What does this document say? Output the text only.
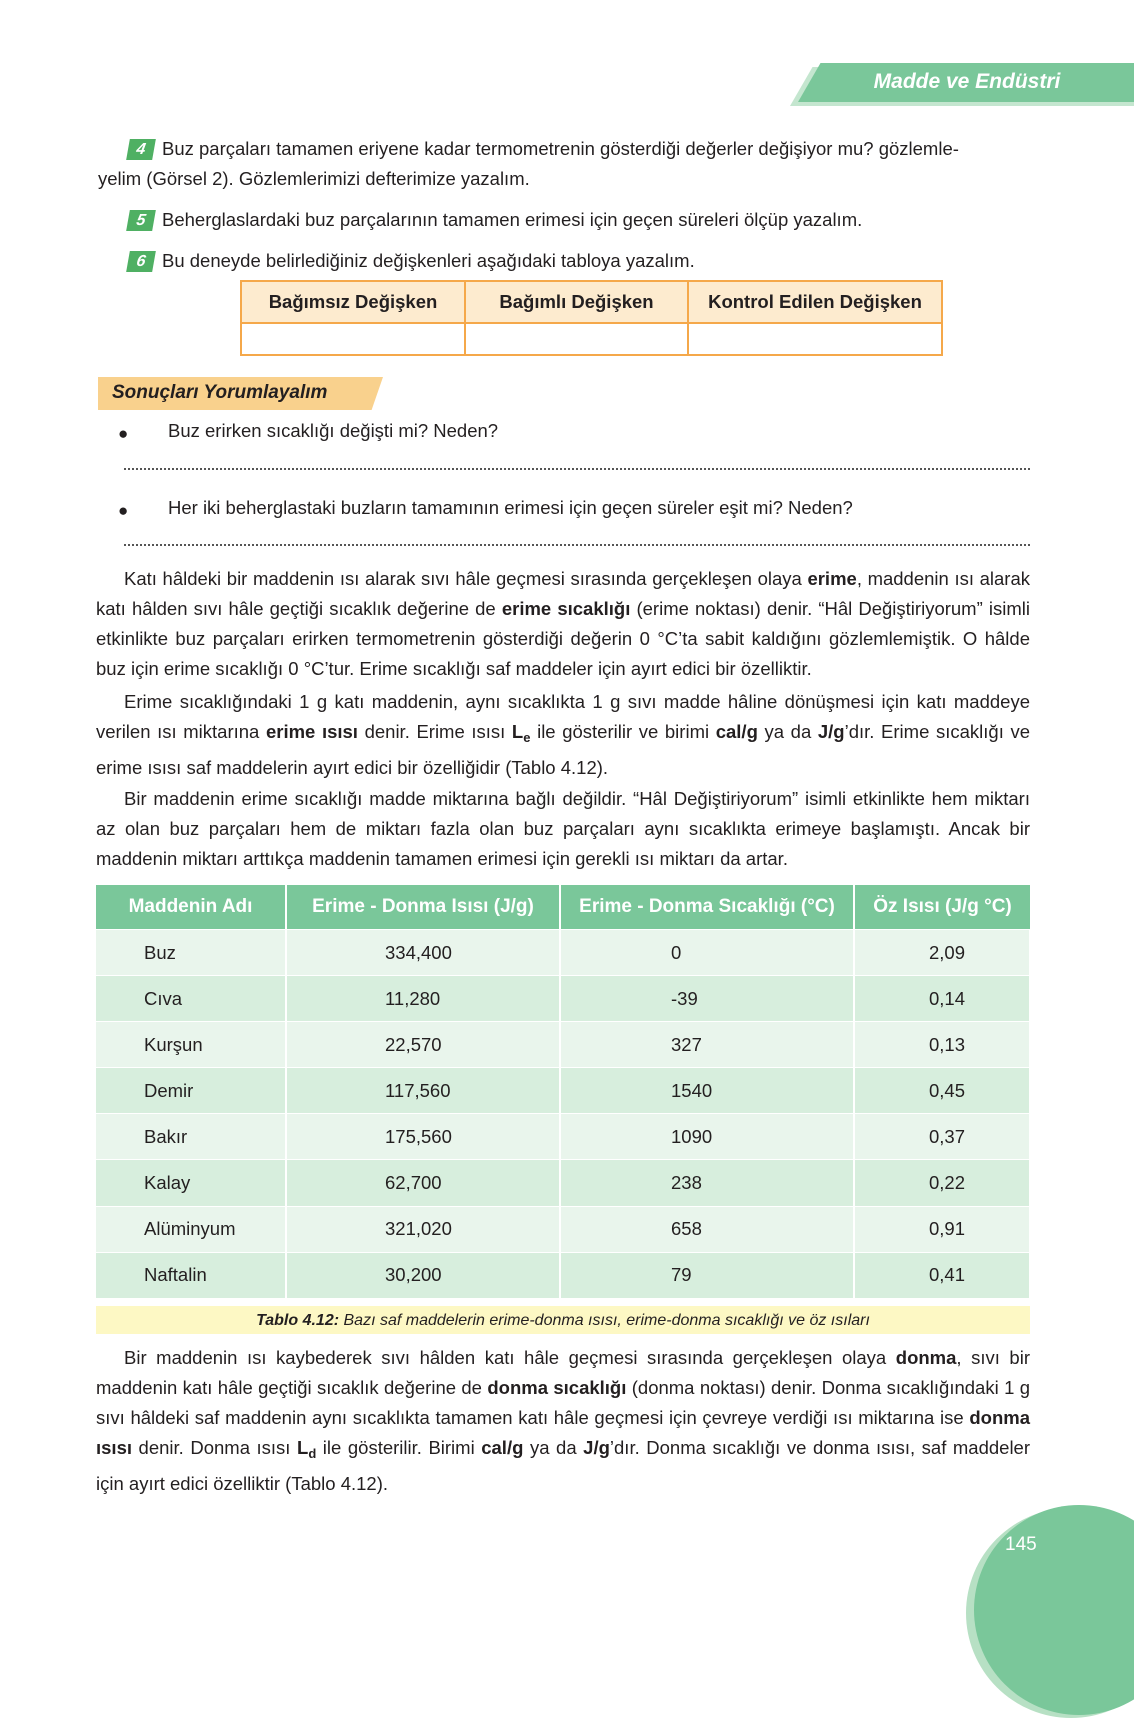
Madde ve Endüstri
4 Buz parçaları tamamen eriyene kadar termometrenin gösterdiği değerler değişiyor mu? gözlemle-
yelim (Görsel 2). Gözlemlerimizi defterimize yazalım.
5 Beherglaslardaki buz parçalarının tamamen erimesi için geçen süreleri ölçüp yazalım.
6 Bu deneyde belirlediğiniz değişkenleri aşağıdaki tabloya yazalım.
Bağımsız Değişken	Bağımlı Değişken	Kontrol Edilen Değişken

Sonuçları Yorumlayalım
● Buz erirken sıcaklığı değişti mi? Neden?
● Her iki beherglastaki buzların tamamının erimesi için geçen süreler eşit mi? Neden?
Katı hâldeki bir maddenin ısı alarak sıvı hâle geçmesi sırasında gerçekleşen olaya erime, maddenin ısı alarak katı hâlden sıvı hâle geçtiği sıcaklık değerine de erime sıcaklığı (erime noktası) denir. “Hâl Değiştiriyorum” isimli etkinlikte buz parçaları erirken termometrenin gösterdiği değerin 0 °C’ta sabit kaldığını gözlemlemiştik. O hâlde buz için erime sıcaklığı 0 °C’tur. Erime sıcaklığı saf maddeler için ayırt edici bir özelliktir.
Erime sıcaklığındaki 1 g katı maddenin, aynı sıcaklıkta 1 g sıvı madde hâline dönüşmesi için katı maddeye verilen ısı miktarına erime ısısı denir. Erime ısısı $L_e$ ile gösterilir ve birimi cal/g ya da J/g’dır. Erime sıcaklığı ve erime ısısı saf maddelerin ayırt edici bir özelliğidir (Tablo 4.12).
Bir maddenin erime sıcaklığı madde miktarına bağlı değildir. “Hâl Değiştiriyorum” isimli etkinlikte hem miktarı az olan buz parçaları hem de miktarı fazla olan buz parçaları aynı sıcaklıkta erimeye başlamıştı. Ancak bir maddenin miktarı arttıkça maddenin tamamen erimesi için gerekli ısı miktarı da artar.
Maddenin Adı	Erime - Donma Isısı (J/g)	Erime - Donma Sıcaklığı (°C)	Öz Isısı (J/g °C)
Buz	334,400	0	2,09
Cıva	11,280	-39	0,14
Kurşun	22,570	327	0,13
Demir	117,560	1540	0,45
Bakır	175,560	1090	0,37
Kalay	62,700	238	0,22
Alüminyum	321,020	658	0,91
Naftalin	30,200	79	0,41
Tablo 4.12: Bazı saf maddelerin erime-donma ısısı, erime-donma sıcaklığı ve öz ısıları
Bir maddenin ısı kaybederek sıvı hâlden katı hâle geçmesi sırasında gerçekleşen olaya donma, sıvı bir maddenin katı hâle geçtiği sıcaklık değerine de donma sıcaklığı (donma noktası) denir. Donma sıcaklığındaki 1 g sıvı hâldeki saf maddenin aynı sıcaklıkta tamamen katı hâle geçmesi için çevreye verdiği ısı miktarına ise donma ısısı denir. Donma ısısı $L_d$ ile gösterilir. Birimi cal/g ya da J/g’dır. Donma sıcaklığı ve donma ısısı, saf maddeler için ayırt edici özelliktir (Tablo 4.12).
145
